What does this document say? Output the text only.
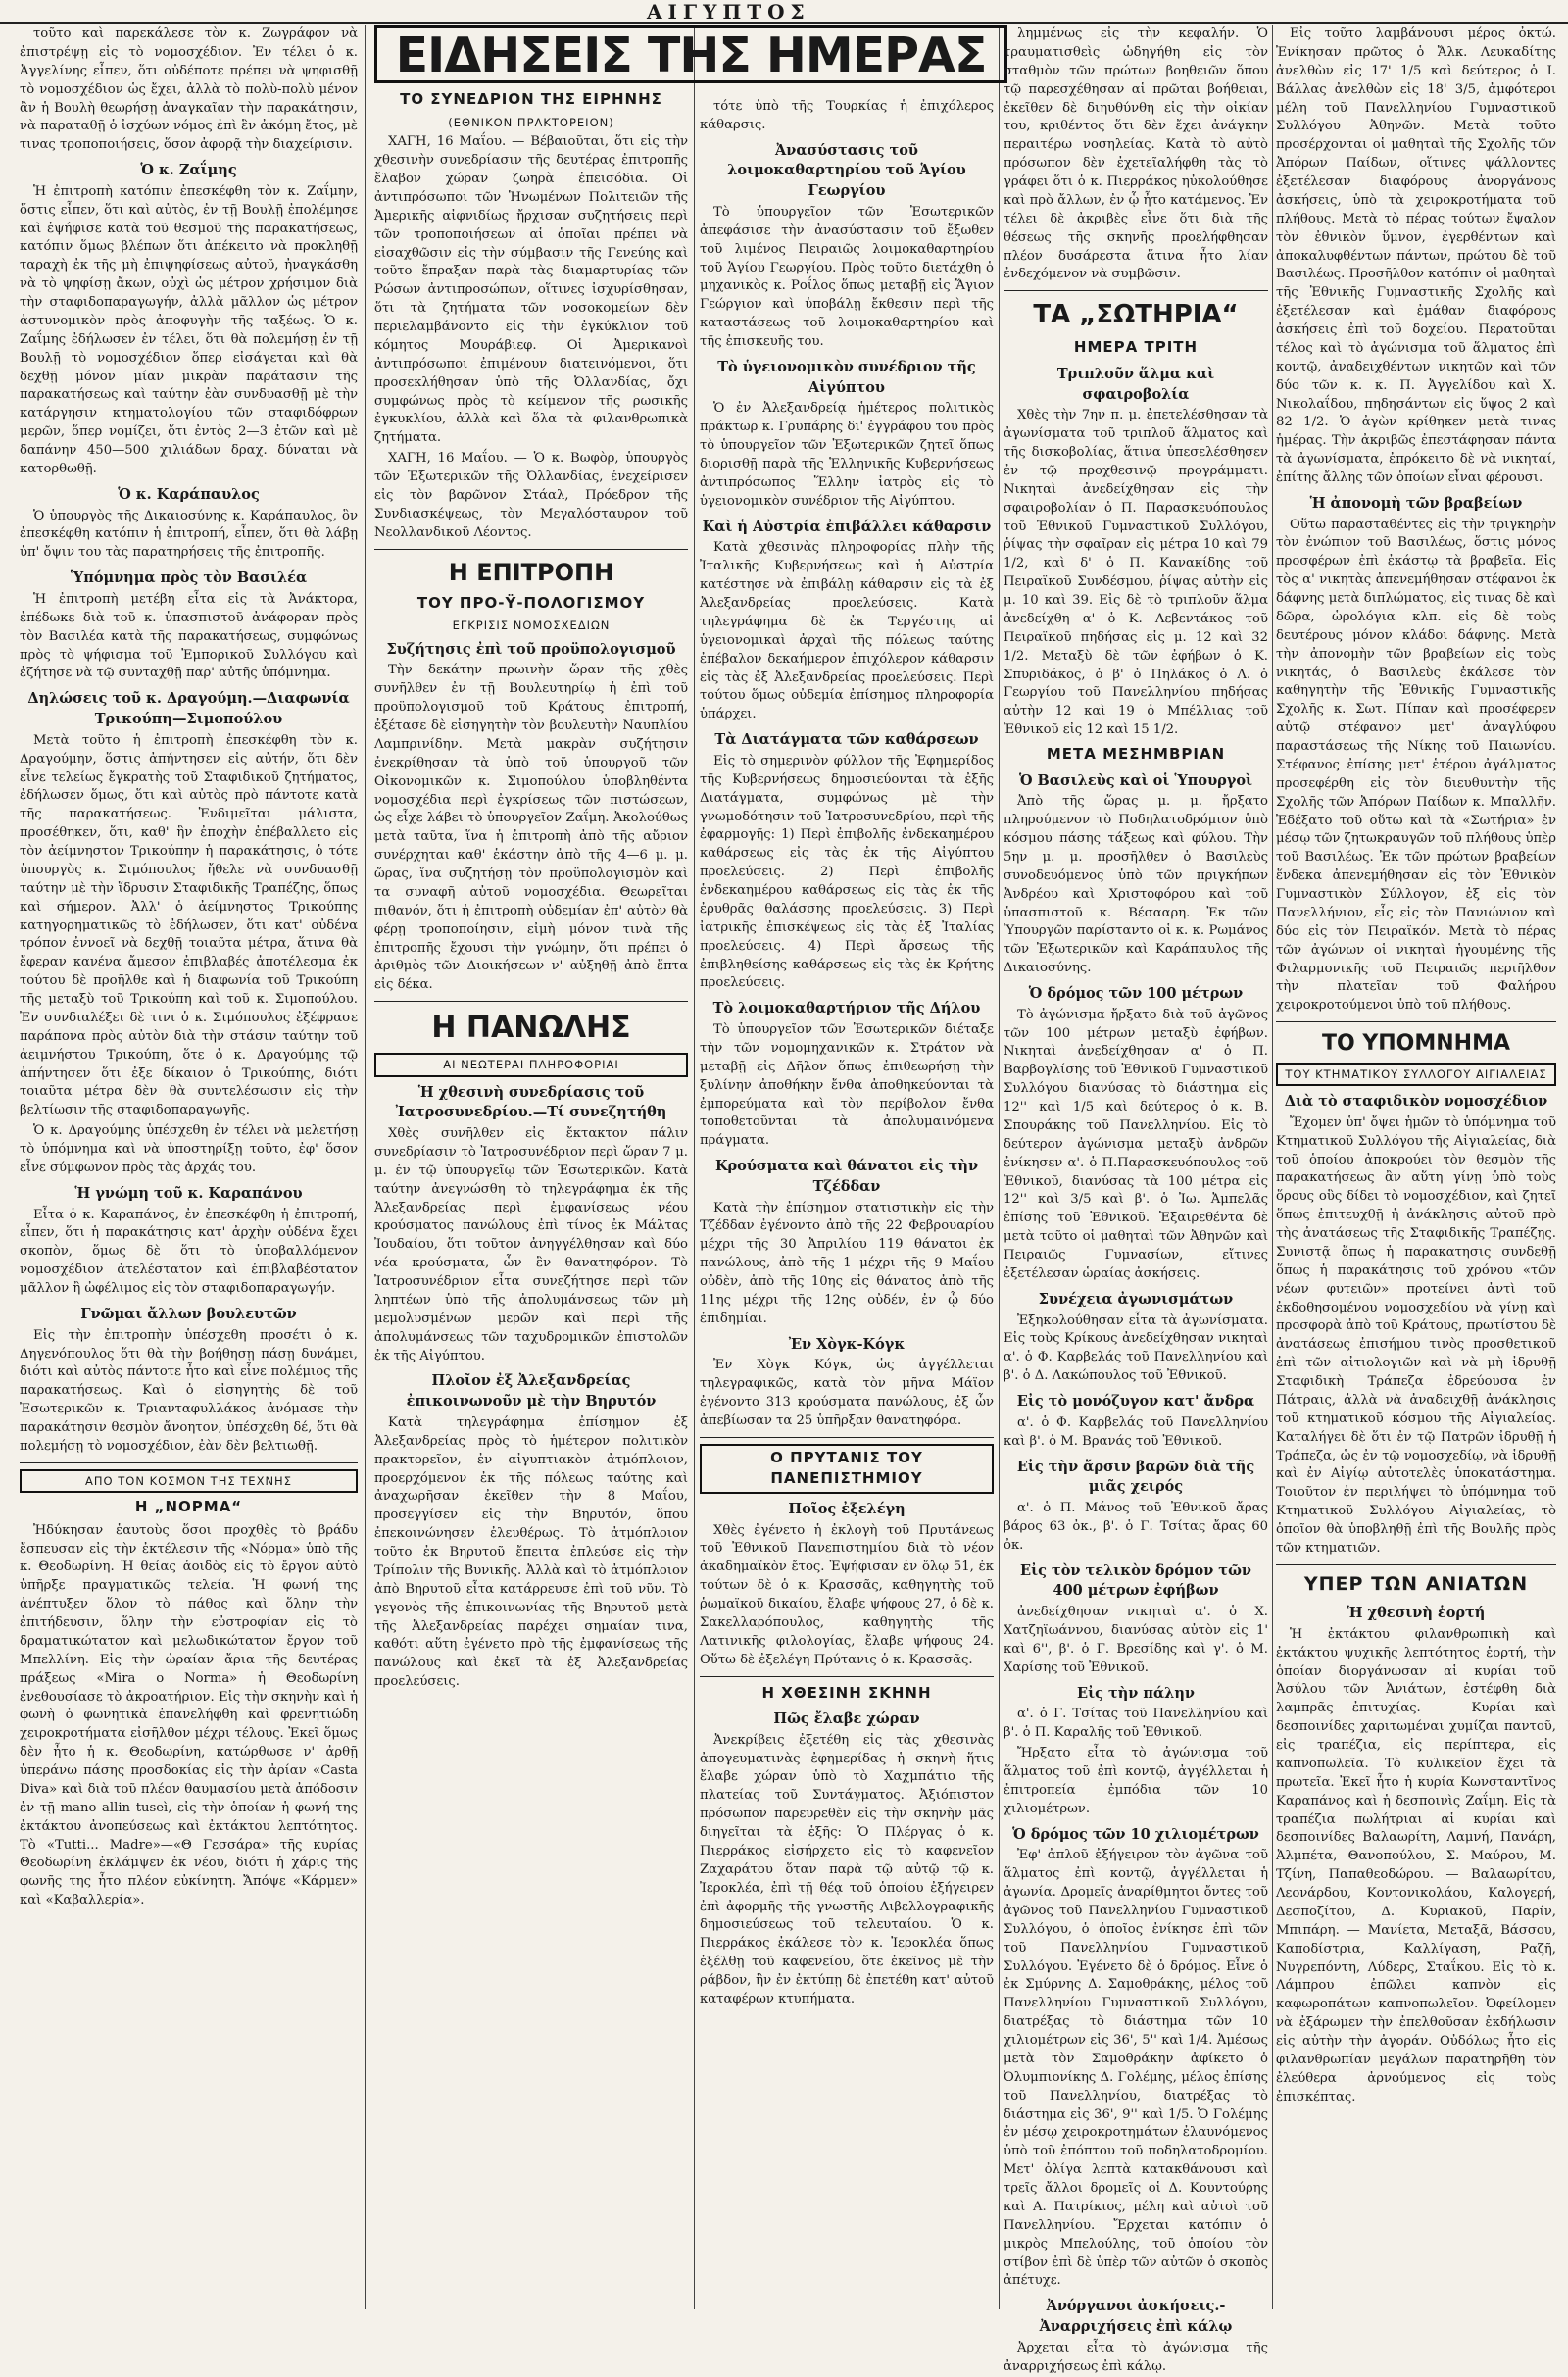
ΑΙΓΥΠΤΟΣ

τοῦτο καὶ παρεκάλεσε τὸν κ. Ζωγράφον νὰ ἐπιστρέψῃ εἰς τὸ νομοσχέδιον. Ἐν τέλει ὁ κ. Ἀγγελίνης εἶπεν, ὅτι οὐδέποτε πρέπει νὰ ψηφισθῇ τὸ νομοσχέδιον ὡς ἔχει, ἀλλὰ τὸ πολὺ-πολὺ μένον ἂν ἡ Βουλὴ θεωρήσῃ ἀναγκαῖαν τὴν παρακάτησιν, νὰ παραταθῇ ὁ ἰσχύων νόμος ἐπὶ ἓν ἀκόμη ἔτος, μὲ τινας τροποποιήσεις, ὅσον ἀφορᾷ τὴν διαχείρισιν.

Ὁ κ. Ζαΐμης

Ἡ ἐπιτροπὴ κατόπιν ἐπεσκέφθη τὸν κ. Ζαΐμην, ὅστις εἶπεν, ὅτι καὶ αὐτὸς, ἐν τῇ Βουλῇ ἐπολέμησε καὶ ἐψήφισε κατὰ τοῦ θεσμοῦ τῆς παρακατήσεως, κατόπιν ὅμως βλέπων ὅτι ἀπέκειτο νὰ προκληθῇ ταραχὴ ἐκ τῆς μὴ ἐπιψηφίσεως αὐτοῦ, ἠναγκάσθη νὰ τὸ ψηφίσῃ ἄκων, οὐχὶ ὡς μέτρον χρήσιμον διὰ τὴν σταφιδοπαραγωγήν, ἀλλὰ μᾶλλον ὡς μέτρον ἀστυνομικὸν πρὸς ἀποφυγὴν τῆς ταξέως. Ὁ κ. Ζαΐμης ἐδήλωσεν ἐν τέλει, ὅτι θὰ πολεμήσῃ ἐν τῇ Βουλῇ τὸ νομοσχέδιον ὅπερ εἰσάγεται καὶ θὰ δεχθῇ μόνον μίαν μικρὰν παράτασιν τῆς παρακατήσεως καὶ ταύτην ἐὰν συνδυασθῇ μὲ τὴν κατάργησιν κτηματολογίου τῶν σταφιδόφρων μερῶν, ὅπερ νομίζει, ὅτι ἐντὸς 2—3 ἐτῶν καὶ μὲ δαπάνην 450—500 χιλιάδων δραχ. δύναται νὰ κατορθωθῇ.

Ὁ κ. Καράπαυλος

Ὁ ὑπουργὸς τῆς Δικαιοσύνης κ. Καράπαυλος, ὃν ἐπεσκέφθη κατόπιν ἡ ἐπιτροπή, εἶπεν, ὅτι θὰ λάβῃ ὑπ' ὄψιν του τὰς παρατηρήσεις τῆς ἐπιτροπῆς.

Ὑπόμνημα πρὸς τὸν Βασιλέα

Ἡ ἐπιτροπὴ μετέβη εἶτα εἰς τὰ Ἀνάκτορα, ἐπέδωκε διὰ τοῦ κ. ὑπασπιστοῦ ἀνάφοραν πρὸς τὸν Βασιλέα κατὰ τῆς παρακατήσεως, συμφώνως πρὸς τὸ ψήφισμα τοῦ Ἐμπορικοῦ Συλλόγου καὶ ἐζήτησε νὰ τῷ συνταχθῇ παρ' αὐτῆς ὑπόμνημα.

Δηλώσεις τοῦ κ. Δραγούμη.—Διαφωνία Τρικούπη—Σιμοπούλου

Μετὰ τοῦτο ἡ ἐπιτροπὴ ἐπεσκέφθη τὸν κ. Δραγούμην, ὅστις ἀπήντησεν εἰς αὐτήν, ὅτι δὲν εἶνε τελείως ἔγκρατὴς τοῦ Σταφιδικοῦ ζητήματος, ἐδήλωσεν ὅμως, ὅτι καὶ αὐτὸς πρὸ πάντοτε κατὰ τῆς παρακατήσεως. Ἐνδιμεῖται μάλιστα, προσέθηκεν, ὅτι, καθ' ἣν ἐποχὴν ἐπέβαλλετο εἰς τὸν ἀείμνηστον Τρικούπην ἡ παρακάτησις, ὁ τότε ὑπουργὸς κ. Σιμόπουλος ἤθελε νὰ συνδυασθῇ ταύτην μὲ τὴν ἵδρυσιν Σταφιδικῆς Τραπέζης, ὅπως καὶ σήμερον. Ἀλλ' ὁ ἀείμνηστος Τρικούπης κατηγορηματικῶς τὸ ἐδήλωσεν, ὅτι κατ' οὐδένα τρόπον ἐννοεῖ νὰ δεχθῇ τοιαῦτα μέτρα, ἅτινα θὰ ἔφεραν κανένα ἄμεσον ἐπιβλαβές ἀποτέλεσμα ἐκ τούτου δὲ προῆλθε καὶ ἡ διαφωνία τοῦ Τρικούπη τῆς μεταξὺ τοῦ Τρικούπη καὶ τοῦ κ. Σιμοπούλου. Ἐν συνδιαλέξει δὲ τινι ὁ κ. Σιμόπουλος ἐξέφρασε παράπονα πρὸς αὐτὸν διὰ τὴν στάσιν ταύτην τοῦ ἀειμνήστου Τρικούπη, ὅτε ὁ κ. Δραγούμης τῷ ἀπήντησεν ὅτι ἐξε δίκαιον ὁ Τρικούπης, διότι τοιαῦτα μέτρα δὲν θὰ συντελέσωσιν εἰς τὴν βελτίωσιν τῆς σταφιδοπαραγωγῆς.

Ὁ κ. Δραγούμης ὑπέσχεθη ἐν τέλει νὰ μελετήσῃ τὸ ὑπόμνημα καὶ νὰ ὑποστηρίξῃ τοῦτο, ἐφ' ὅσον εἶνε σύμφωνον πρὸς τὰς ἀρχάς του.

Ἡ γνώμη τοῦ κ. Καραπάνου

Εἶτα ὁ κ. Καραπάνος, ἐν ἐπεσκέφθη ἡ ἐπιτροπή, εἶπεν, ὅτι ἡ παρακάτησις κατ' ἀρχὴν οὐδένα ἔχει σκοπὸν, ὅμως δὲ ὅτι τὸ ὑποβαλλόμενον νομοσχέδιον ἀτελέστατον καὶ ἐπιβλαβέστατον μᾶλλον ἢ ὠφέλιμος εἰς τὸν σταφιδοπαραγωγήν.

Γνῶμαι ἄλλων βουλευτῶν

Εἰς τὴν ἐπιτροπὴν ὑπέσχεθη προσέτι ὁ κ. Δηγενόπουλος ὅτι θὰ τὴν βοήθησῃ πάσῃ δυνάμει, διότι καὶ αὐτὸς πάντοτε ἦτο καὶ εἶνε πολέμιος τῆς παρακατήσεως. Καὶ ὁ εἰσηγητὴς δὲ τοῦ Ἐσωτερικῶν κ. Τριανταφυλλάκος ἀνόμασε τὴν παρακάτησιν θεσμὸν ἄνοητον, ὑπέσχεθη δέ, ὅτι θὰ πολεμήσῃ τὸ νομοσχέδιον, ἐὰν δὲν βελτιωθῇ.

ΑΠΟ ΤΟΝ ΚΟΣΜΟΝ ΤΗΣ ΤΕΧΝΗΣ
Η „ΝΟΡΜΑ“

Ἠδύκησαν ἑαυτοὺς ὅσοι προχθὲς τὸ βράδυ ἔσπευσαν εἰς τὴν ἐκτέλεσιν τῆς «Νόρμα» ὑπὸ τῆς κ. Θεοδωρίνη. Ἡ θείας ἀοιδὸς εἰς τὸ ἔργον αὐτὸ ὑπῆρξε πραγματικῶς τελεία. Ἡ φωνή της ἀνέπτυξεν ὅλον τὸ πάθος καὶ ὅλην τὴν ἐπιτήδευσιν, ὅλην τὴν εὐστροφίαν εἰς τὸ δραματικώτατον καὶ μελωδικώτατον ἔργον τοῦ Μπελλίνη. Εἰς τὴν ὡραίαν ἄρια τῆς δευτέρας πράξεως «Mira o Norma» ἡ Θεοδωρίνη ἐνεθουσίασε τὸ ἀκροατήριον. Εἰς τὴν σκηνὴν καὶ ἡ φωνὴ ὁ φωνητικὰ ἐπανελήφθη καὶ φρενητιώδη χειροκροτήματα εἰσῆλθον μέχρι τέλους. Ἐκεῖ ὅμως δὲν ἦτο ἡ κ. Θεοδωρίνη, κατώρθωσε ν' ἀρθῇ ὑπεράνω πάσης προσδοκίας εἰς τὴν ἀρίαν «Casta Diva» καὶ διὰ τοῦ πλέον θαυμασίου μετὰ ἀπόδοσιν ἐν τῇ mano allin tuseì, εἰς τὴν ὁποίαν ἡ φωνή της ἐκτάκτου ἀνοπεύσεως καὶ ἐκτάκτου λεπτότητος. Τὸ «Tutti... Madre»—«Θ Γεσσάρα» τῆς κυρίας Θεοδωρίνη ἐκλάμψεν ἐκ νέου, διότι ἡ χάρις τῆς φωνῆς της ἦτο πλέον εὐκίνητη. Ἄπόψε «Κάρμεν» καὶ «Καβαλλερία».

ΕΙΔΗΣΕΙΣ ΤΗΣ ΗΜΕΡΑΣ
ΤΟ ΣΥΝΕΔΡΙΟΝ ΤΗΣ ΕΙΡΗΝΗΣ
(ΕΘΝΙΚΟΝ ΠΡΑΚΤΟΡΕΙΟΝ)

ΧΑΓΗ, 16 Μαΐου. — Βέβαιοῦται, ὅτι εἰς τὴν χθεσινὴν συνεδρίασιν τῆς δευτέρας ἐπιτροπῆς ἔλαβον χώραν ζωηρὰ ἐπεισόδια. Οἱ ἀντιπρόσωποι τῶν Ἡνωμένων Πολιτειῶν τῆς Ἀμερικῆς αἰφνιδίως ἤρχισαν συζητήσεις περὶ τῶν τροποποιήσεων αἱ ὁποῖαι πρέπει νὰ εἰσαχθῶσιν εἰς τὴν σύμβασιν τῆς Γενεύης καὶ τοῦτο ἔπραξαν παρὰ τὰς διαμαρτυρίας τῶν Ρώσων ἀντιπροσώπων, οἵτινες ἰσχυρίσθησαν, ὅτι τὰ ζητήματα τῶν νοσοκομείων δὲν περιελαμβάνοντο εἰς τὴν ἐγκύκλιον τοῦ κόμητος Μουράβιεφ. Οἱ Ἀμερικανοὶ ἀντιπρόσωποι ἐπιμένουν διατεινόμενοι, ὅτι προσεκλήθησαν ὑπὸ τῆς Ὀλλανδίας, ὄχι συμφώνως πρὸς τὸ κείμενον τῆς ρωσικῆς ἐγκυκλίου, ἀλλὰ καὶ ὅλα τὰ φιλανθρωπικὰ ζητήματα.

ΧΑΓΗ, 16 Μαΐου. — Ὁ κ. Βωφὸρ, ὑπουργὸς τῶν Ἐξωτερικῶν τῆς Ὀλλανδίας, ἐνεχείρισεν εἰς τὸν βαρῶνον Στάαλ, Πρόεδρον τῆς Συνδιασκέψεως, τὸν Μεγαλόσταυρον τοῦ Νεολλανδικοῦ Λέοντος.

Η ΕΠΙΤΡΟΠΗ
ΤΟΥ ΠΡΟ-Ϋ-ΠΟΛΟΓΙΣΜΟΥ
ΕΓΚΡΙΣΙΣ ΝΟΜΟΣΧΕΔΙΩΝ
Συζήτησις ἐπὶ τοῦ προϋπολογισμοῦ

Τὴν δεκάτην πρωινὴν ὥραν τῆς χθὲς συνῆλθεν ἐν τῇ Βουλευτηρίῳ ἡ ἐπὶ τοῦ προϋπολογισμοῦ τοῦ Κράτους ἐπιτροπή, ἐξέτασε δὲ εἰσηγητὴν τὸν βουλευτὴν Ναυπλίου Λαμπρινίδην. Μετὰ μακρὰν συζήτησιν ἐνεκρίθησαν τὰ ὑπὸ τοῦ ὑπουργοῦ τῶν Οἰκονομικῶν κ. Σιμοπούλου ὑποβληθέντα νομοσχέδια περὶ ἐγκρίσεως τῶν πιστώσεων, ὡς εἶχε λάβει τὸ ὑπουργεῖον Ζαΐμη. Ἀκολούθως μετὰ ταῦτα, ἵνα ἡ ἐπιτροπὴ ἀπὸ τῆς αὔριον συνέρχηται καθ' ἑκάστην ἀπὸ τῆς 4—6 μ. μ. ὥρας, ἵνα συζητήσῃ τὸν προϋπολογισμὸν καὶ τα συναφῆ αὐτοῦ νομοσχέδια. Θεωρεῖται πιθανόν, ὅτι ἡ ἐπιτροπὴ οὐδεμίαν ἐπ' αὐτὸν θὰ φέρῃ τροποποίησιν, εἰμὴ μόνον τινὰ τῆς ἐπιτροπῆς ἔχουσι τὴν γνώμην, ὅτι πρέπει ὁ ἀριθμὸς τῶν Διοικήσεων ν' αὐξηθῇ ἀπὸ ἕπτα εἰς δέκα.

Η ΠΑΝΩΛΗΣ
ΑΙ ΝΕΩΤΕΡΑΙ ΠΛΗΡΟΦΟΡΙΑΙ
Ἡ χθεσινὴ συνεδρίασις τοῦ Ἰατροσυνεδρίου.—Τί συνεζητήθη

Χθὲς συνῆλθεν εἰς ἔκτακτον πάλιν συνεδρίασιν τὸ Ἰατροσυνέδριον περὶ ὥραν 7 μ. μ. ἐν τῷ ὑπουργεῖῳ τῶν Ἐσωτερικῶν. Κατὰ ταύτην ἀνεγνώσθη τὸ τηλεγράφημα ἐκ τῆς Ἀλεξανδρείας περὶ ἐμφανίσεως νέου κρούσματος πανώλους ἐπὶ τίνος ἐκ Μάλτας Ἰουδαίου, ὅτι τοῦτον ἀνηγγέλθησαν καὶ δύο νέα κρούσματα, ὧν ἓν θανατηφόρον. Τὸ Ἰατροσυνέδριον εἶτα συνεζήτησε περὶ τῶν ληπτέων ὑπὸ τῆς ἀπολυμάνσεως τῶν μὴ μεμολυσμένων μερῶν καὶ περὶ τῆς ἀπολυμάνσεως τῶν ταχυδρομικῶν ἐπιστολῶν ἐκ τῆς Αἰγύπτου.

Πλοῖον ἐξ Ἀλεξανδρείας ἐπικοινωνοῦν μὲ τὴν Βηρυτόν

Κατὰ τηλεγράφημα ἐπίσημον ἐξ Ἀλεξανδρείας πρὸς τὸ ἡμέτερον πολιτικὸν πρακτορεῖον, ἐν αἰγυπτιακὸν ἀτμόπλοιον, προερχόμενον ἐκ τῆς πόλεως ταύτης καὶ ἀναχωρῆσαν ἐκεῖθεν τὴν 8 Μαΐου, προσεγγίσεν εἰς τὴν Βηρυτόν, ὅπου ἐπεκοινώνησεν ἐλευθέρως. Τὸ ἀτμόπλοιον τοῦτο ἐκ Βηρυτοῦ ἔπειτα ἐπλεύσε εἰς τὴν Τρίπολιν τῆς Βυνικῆς. Ἀλλὰ καὶ τὸ ἀτμόπλοιον ἀπὸ Βηρυτοῦ εἶτα κατάρρευσε ἐπὶ τοῦ νῦν. Τὸ γεγονὸς τῆς ἐπικοινωνίας τῆς Βηρυτοῦ μετὰ τῆς Ἀλεξανδρείας παρέχει σημαίαν τινα, καθότι αὕτη ἐγένετο πρὸ τῆς ἐμφανίσεως τῆς πανώλους καὶ ἐκεῖ τὰ ἐξ Ἀλεξανδρείας προελεύσεις.

τότε ὑπὸ τῆς Τουρκίας ἡ ἐπιχόλερος κάθαρσις.

Ἀνασύστασις τοῦ λοιμοκαθαρτηρίου τοῦ Ἁγίου Γεωργίου

Τὸ ὑπουργεῖον τῶν Ἐσωτερικῶν ἀπεφάσισε τὴν ἀνασύστασιν τοῦ ἔξωθεν τοῦ λιμένος Πειραιῶς λοιμοκαθαρτηρίου τοῦ Ἁγίου Γεωργίου. Πρὸς τοῦτο διετάχθη ὁ μηχανικὸς κ. Ροΐλος ὅπως μεταβῇ εἰς Ἅγιον Γεώργιον καὶ ὑποβάλῃ ἔκθεσιν περὶ τῆς καταστάσεως τοῦ λοιμοκαθαρτηρίου καὶ τῆς ἐπισκευῆς του.

Τὸ ὑγειονομικὸν συνέδριον τῆς Αἰγύπτου

Ὁ ἐν Ἀλεξανδρείᾳ ἡμέτερος πολιτικὸς πράκτωρ κ. Γρυπάρης δι' ἐγγράφου του πρὸς τὸ ὑπουργεῖον τῶν Ἐξωτερικῶν ζητεῖ ὅπως διορισθῇ παρὰ τῆς Ἑλληνικῆς Κυβερνήσεως ἀντιπρόσωπος Ἕλλην ἰατρὸς εἰς τὸ ὑγειονομικὸν συνέδριον τῆς Αἰγύπτου.

Καὶ ἡ Αὐστρία ἐπιβάλλει κάθαρσιν

Κατὰ χθεσινὰς πληροφορίας πλὴν τῆς Ἰταλικῆς Κυβερνήσεως καὶ ἡ Αὐστρία κατέστησε νὰ ἐπιβάλῃ κάθαρσιν εἰς τὰ ἐξ Ἀλεξανδρείας προελεύσεις. Κατὰ τηλεγράφημα δὲ ἐκ Τεργέστης αἱ ὑγειονομικαὶ ἀρχαὶ τῆς πόλεως ταύτης ἐπέβαλον δεκαήμερον ἐπιχόλερον κάθαρσιν εἰς τὰς ἐξ Ἀλεξανδρείας προελεύσεις. Περὶ τούτου ὅμως οὐδεμία ἐπίσημος πληροφορία ὑπάρχει.

Τὰ Διατάγματα τῶν καθάρσεων

Εἰς τὸ σημερινὸν φύλλον τῆς Ἐφημερίδος τῆς Κυβερνήσεως δημοσιεύονται τὰ ἐξῆς Διατάγματα, συμφώνως μὲ τὴν γνωμοδότησιν τοῦ Ἰατροσυνεδρίου, περὶ τῆς ἐφαρμογῆς: 1) Περὶ ἐπιβολῆς ἑνδεκαημέρου καθάρσεως εἰς τὰς ἐκ τῆς Αἰγύπτου προελεύσεις. 2) Περὶ ἐπιβολῆς ἑνδεκαημέρου καθάρσεως εἰς τὰς ἐκ τῆς ἐρυθρᾶς θαλάσσης προελεύσεις. 3) Περὶ ἰατρικῆς ἐπισκέψεως εἰς τὰς ἐξ Ἰταλίας προελεύσεις. 4) Περὶ ἄρσεως τῆς ἐπιβληθείσης καθάρσεως εἰς τὰς ἐκ Κρήτης προελεύσεις.

Τὸ λοιμοκαθαρτήριον τῆς Δήλου

Τὸ ὑπουργεῖον τῶν Ἐσωτερικῶν διέταξε τὴν τῶν νομομηχανικῶν κ. Στράτον νὰ μεταβῇ εἰς Δῆλον ὅπως ἐπιθεωρήσῃ τὴν ξυλίνην ἀποθήκην ἔνθα ἀποθηκεύονται τὰ ἐμπορεύματα καὶ τὸν περίβολον ἔνθα τοποθετοῦνται τὰ ἀπολυμαινόμενα πράγματα.

Κρούσματα καὶ θάνατοι εἰς τὴν Τζέδδαν

Κατὰ τὴν ἐπίσημον στατιστικὴν εἰς τὴν Τζέδδαν ἐγένοντο ἀπὸ τῆς 22 Φεβρουαρίου μέχρι τῆς 30 Ἀπριλίου 119 θάνατοι ἐκ πανώλους, ἀπὸ τῆς 1 μέχρι τῆς 9 Μαΐου οὐδὲν, ἀπὸ τῆς 10ης εἰς θάνατος ἀπὸ τῆς 11ης μέχρι τῆς 12ης οὐδέν, ἐν ᾧ δύο ἐπιδημίαι.

Ἐν Χὸγκ-Κόγκ

Ἐν Χὸγκ Κόγκ, ὡς ἀγγέλλεται τηλεγραφικῶς, κατὰ τὸν μῆνα Μάϊον ἐγένοντο 313 κρούσματα πανώλους, ἐξ ὧν ἀπεβίωσαν τα 25 ὑπῆρξαν θανατηφόρα.

Ο ΠΡΥΤΑΝΙΣ ΤΟΥ ΠΑΝΕΠΙΣΤΗΜΙΟΥ
Ποῖος ἐξελέγη

Χθὲς ἐγένετο ἡ ἐκλογὴ τοῦ Πρυτάνεως τοῦ Ἐθνικοῦ Πανεπιστημίου διὰ τὸ νέον ἀκαδημαϊκὸν ἔτος. Ἐψήφισαν ἐν ὅλῳ 51, ἐκ τούτων δὲ ὁ κ. Κρασσᾶς, καθηγητὴς τοῦ ῥωμαϊκοῦ δικαίου, ἔλαβε ψήφους 27, ὁ δὲ κ. Σακελλαρόπουλος, καθηγητὴς τῆς Λατινικῆς φιλολογίας, ἔλαβε ψήφους 24. Οὕτω δὲ ἐξελέγη Πρύτανις ὁ κ. Κρασσᾶς.

Η ΧΘΕΣΙΝΗ ΣΚΗΝΗ
Πῶς ἔλαβε χώραν

Ἀνεκρίβεις ἐξετέθη εἰς τὰς χθεσινὰς ἀπογευματινὰς ἐφημερίδας ἡ σκηνὴ ἥτις ἔλαβε χώραν ὑπὸ τὸ Χαχμπάτιο τῆς πλατείας τοῦ Συντάγματος. Ἀξιόπιστον πρόσωπον παρευρεθὲν εἰς τὴν σκηνὴν μᾶς διηγεῖται τὰ ἑξῆς: Ὁ Πλέργας ὁ κ. Πιερράκος εἰσήρχετο εἰς τὸ καφενεῖον Ζαχαράτου ὅταν παρὰ τῷ αὐτῷ τῷ κ. Ἰεροκλέα, ἐπὶ τῇ θέᾳ τοῦ ὁποίου ἐξήγειρεν ἐπὶ ἀφορμῆς τῆς γνωστῆς Λιβελλογραφικῆς δημοσιεύσεως τοῦ τελευταίου. Ὁ κ. Πιερράκος ἐκάλεσε τὸν κ. Ἰεροκλέα ὅπως ἐξέλθῃ τοῦ καφενείου, ὅτε ἐκεῖνος μὲ τὴν ράβδον, ἣν ἐν ἐκτύπῃ δὲ ἐπετέθη κατ' αὐτοῦ καταφέρων κτυπήματα.

λημμένως εἰς τὴν κεφαλήν. Ὁ τραυματισθεὶς ὡδηγήθη εἰς τὸν σταθμὸν τῶν πρώτων βοηθειῶν ὅπου τῷ παρεσχέθησαν αἱ πρῶται βοήθειαι, ἐκεῖθεν δὲ διηυθύνθη εἰς τὴν οἰκίαν του, κριθέντος ὅτι δὲν ἔχει ἀνάγκην περαιτέρω νοσηλείας. Κατὰ τὸ αὐτὸ πρόσωπον δὲν ἐχετεῖαλήφθη τὰς τὸ γράφει ὅτι ὁ κ. Πιερράκος ηὐκολούθησε καὶ πρὸ ἄλλων, ἐν ᾧ ἦτο κατάμενος. Ἐν τέλει δὲ ἀκριβὲς εἶνε ὅτι διὰ τῆς θέσεως τῆς σκηνῆς προελήφθησαν πλέον δυσάρεστα ἅτινα ἦτο λίαν ἐνδεχόμενον νὰ συμβῶσιν.

ΤΑ „ΣΩΤΗΡΙΑ“
ΗΜΕΡΑ ΤΡΙΤΗ
Τριπλοῦν ἅλμα καὶ σφαιροβολία

Χθὲς τὴν 7ην π. μ. ἐπετελέσθησαν τὰ ἀγωνίσματα τοῦ τριπλοῦ ἅλματος καὶ τῆς δισκοβολίας, ἅτινα ὑπεσελέσθησεν ἐν τῷ προχθεσινῷ προγράμματι. Νικηταὶ ἀνεδείχθησαν εἰς τὴν σφαιροβολίαν ὁ Π. Παρασκευόπουλος τοῦ Ἐθνικοῦ Γυμναστικοῦ Συλλόγου, ῥίψας τὴν σφαῖραν εἰς μέτρα 10 καὶ 79 1/2, καὶ δ' ὁ Π. Κανακίδης τοῦ Πειραϊκοῦ Συνδέσμου, ῥίψας αὐτὴν εἰς μ. 10 καὶ 39. Εἰς δὲ τὸ τριπλοῦν ἅλμα ἀνεδείχθη α' ὁ Κ. Λεβεντάκος τοῦ Πειραϊκοῦ πηδήσας εἰς μ. 12 καὶ 32 1/2. Μεταξὺ δὲ τῶν ἐφήβων ὁ Κ. Σπυριδάκος, ὁ β' ὁ Πηλάκος ὁ Λ. ὁ Γεωργίου τοῦ Πανελληνίου πηδήσας αὐτὴν 12 καὶ 19 ὁ Μπέλλιας τοῦ Ἐθνικοῦ εἰς 12 καὶ 15 1/2.

ΜΕΤΑ ΜΕΣΗΜΒΡΙΑΝ
Ὁ Βασιλεὺς καὶ οἱ Ὑπουργοὶ

Ἀπὸ τῆς ὥρας μ. μ. ἤρξατο πληρούμενον τὸ Ποδηλατοδρόμιον ὑπὸ κόσμου πάσης τάξεως καὶ φύλου. Τὴν 5ην μ. μ. προσῆλθεν ὁ Βασιλεὺς συνοδευόμενος ὑπὸ τῶν πριγκήπων Ἀνδρέου καὶ Χριστοφόρου καὶ τοῦ ὑπασπιστοῦ κ. Βέσααρη. Ἐκ τῶν Ὑπουργῶν παρίσταντο οἱ κ. κ. Ρωμάνος τῶν Ἐξωτερικῶν καὶ Καράπαυλος τῆς Δικαιοσύνης.

Ὁ δρόμος τῶν 100 μέτρων

Τὸ ἀγώνισμα ἤρξατο διὰ τοῦ ἀγῶνος τῶν 100 μέτρων μεταξὺ ἐφήβων. Νικηταὶ ἀνεδείχθησαν α' ὁ Π. Βαρβογλίσης τοῦ Ἐθνικοῦ Γυμναστικοῦ Συλλόγου διανύσας τὸ διάστημα εἰς 12'' καὶ 1/5 καὶ δεύτερος ὁ κ. Β. Σπουράκης τοῦ Πανελληνίου. Εἰς τὸ δεύτερον ἀγώνισμα μεταξὺ ἀνδρῶν ἐνίκησεν α'. ὁ Π.Παρασκευόπουλος τοῦ Ἐθνικοῦ, διανύσας τὰ 100 μέτρα εἰς 12'' καὶ 3/5 καὶ β'. ὁ Ἰω. Ἀμπελᾶς ἐπίσης τοῦ Ἐθνικοῦ. Ἐξαιρεθέντα δὲ μετὰ τοῦτο οἱ μαθηταὶ τῶν Ἀθηνῶν καὶ Πειραιῶς Γυμνασίων, εἴτινες ἐξετέλεσαν ὡραίας ἀσκήσεις.

Συνέχεια ἀγωνισμάτων

Ἐξηκολούθησαν εἶτα τὰ ἀγωνίσματα. Εἰς τοὺς Κρίκους ἀνεδείχθησαν νικηταὶ α'. ὁ Φ. Καρβελάς τοῦ Πανελληνίου καὶ β'. ὁ Δ. Λακώπουλος τοῦ Ἐθνικοῦ.

Εἰς τὸ μονόζυγον κατ' ἄνδρα

α'. ὁ Φ. Καρβελάς τοῦ Πανελληνίου καὶ β'. ὁ Μ. Βρανάς τοῦ Ἐθνικοῦ.

Εἰς τὴν ἄρσιν βαρῶν διὰ τῆς μιᾶς χειρός

α'. ὁ Π. Μάνος τοῦ Ἐθνικοῦ ἄρας βάρος 63 ὀκ., β'. ὁ Γ. Τσίτας ἄρας 60 ὀκ.

Εἰς τὸν τελικὸν δρόμον τῶν 400 μέτρων ἐφήβων

ἀνεδείχθησαν νικηταὶ α'. ὁ Χ. Χατζηϊωάννου, διανύσας αὐτὸν εἰς 1' καὶ 6'', β'. ὁ Γ. Βρεσίδης καὶ γ'. ὁ Μ. Χαρίσης τοῦ Ἐθνικοῦ.

Εἰς τὴν πάλην

α'. ὁ Γ. Τσίτας τοῦ Πανελληνίου καὶ β'. ὁ Π. Καραλῆς τοῦ Ἐθνικοῦ.

Ἤρξατο εἶτα τὸ ἀγώνισμα τοῦ ἅλματος τοῦ ἐπὶ κοντῷ, ἀγγέλλεται ἡ ἐπιτροπεία ἐμπόδια τῶν 10 χιλιομέτρων.

Ὁ δρόμος τῶν 10 χιλιομέτρων

Ἐφ' ἀπλοῦ ἐξήγειρον τὸν ἀγῶνα τοῦ ἅλματος ἐπὶ κοντῷ, ἀγγέλλεται ἡ ἀγωνία. Δρομεῖς ἀναρίθμητοι ὄντες τοῦ ἀγῶνος τοῦ Πανελληνίου Γυμναστικοῦ Συλλόγου, ὁ ὁποῖος ἐνίκησε ἐπὶ τῶν τοῦ Πανελληνίου Γυμναστικοῦ Συλλόγου. Ἐγένετο δὲ ὁ δρόμος. Εἶνε ὁ ἐκ Σμύρνης Δ. Σαμοθράκης, μέλος τοῦ Πανελληνίου Γυμναστικοῦ Συλλόγου, διατρέξας τὸ διάστημα τῶν 10 χιλιομέτρων εἰς 36', 5'' καὶ 1/4. Ἀμέσως μετὰ τὸν Σαμοθράκην ἀφίκετο ὁ Ὀλυμπιονίκης Δ. Γολέμης, μέλος ἐπίσης τοῦ Πανελληνίου, διατρέξας τὸ διάστημα εἰς 36', 9'' καὶ 1/5. Ὁ Γολέμης ἐν μέσῳ χειροκροτημάτων ἐλαυνόμενος ὑπὸ τοῦ ἐπόπτου τοῦ ποδηλατοδρομίου. Μετ' ὀλίγα λεπτὰ κατακθάνουσι καὶ τρεῖς ἄλλοι δρομεῖς οἱ Δ. Κουντούρης καὶ Α. Πατρίκιος, μέλη καὶ αὐτοὶ τοῦ Πανελληνίου. Ἔρχεται κατόπιν ὁ μικρὸς Μπελούλης, τοῦ ὁποίου τὸν στίβον ἐπὶ δὲ ὑπὲρ τῶν αὐτῶν ὁ σκοπὸς ἀπέτυχε.

Ἀνόργανοι ἀσκήσεις.-Ἀναρριχήσεις ἐπὶ κάλῳ

Ἀρχεται εἶτα τὸ ἀγώνισμα τῆς ἀναρριχήσεως ἐπὶ κάλῳ.

Εἰς τοῦτο λαμβάνουσι μέρος ὀκτώ. Ἐνίκησαν πρῶτος ὁ Ἄλκ. Λευκαδίτης ἀνελθὼν εἰς 17' 1/5 καὶ δεύτερος ὁ Ι. Βάλλας ἀνελθὼν εἰς 18' 3/5, ἀμφότεροι μέλη τοῦ Πανελληνίου Γυμναστικοῦ Συλλόγου Ἀθηνῶν. Μετὰ τοῦτο προσέρχονται οἱ μαθηταὶ τῆς Σχολῆς τῶν Ἀπόρων Παίδων, οἵτινες ψάλλοντες ἐξετέλεσαν διαφόρους ἀνοργάνους ἀσκήσεις, ὑπὸ τὰ χειροκροτήματα τοῦ πλήθους. Μετὰ τὸ πέρας τούτων ἔψαλον τὸν ἐθνικὸν ὕμνον, ἐγερθέντων καὶ ἀποκαλυφθέντων πάντων, πρώτου δὲ τοῦ Βασιλέως. Προσῆλθον κατόπιν οἱ μαθηταὶ τῆς Ἐθνικῆς Γυμναστικῆς Σχολῆς καὶ ἐξετέλεσαν καὶ ἐμάθαν διαφόρους ἀσκήσεις ἐπὶ τοῦ δοχείου. Περατοῦται τέλος καὶ τὸ ἀγώνισμα τοῦ ἅλματος ἐπὶ κοντῷ, ἀναδειχθέντων νικητῶν καὶ τῶν δύο τῶν κ. κ. Π. Ἀγγελίδου καὶ Χ. Νικολαΐδου, πηδησάντων εἰς ὕψος 2 καὶ 82 1/2. Ὁ ἀγὼν κρίθηκεν μετὰ τινας ἡμέρας. Τὴν ἀκριβῶς ἐπεστάφησαν πάντα τὰ ἀγωνίσματα, ἐπρόκειτο δὲ νὰ νικηταί, ἐπίτης ἄλλης τῶν ὁποίων εἶναι φέρουσι.

Ἡ ἀπονομὴ τῶν βραβείων

Οὕτω παρασταθέντες εἰς τὴν τριγκηρὴν τὸν ἐνώπιον τοῦ Βασιλέως, ὅστις μόνος προσφέρων ἐπὶ ἐκάστῳ τὰ βραβεῖα. Εἰς τὸς α' νικητὰς ἀπενεμήθησαν στέφανοι ἐκ δάφνης μετὰ διπλώματος, εἰς τινας δὲ καὶ δῶρα, ὡρολόγια κλπ. εἰς δὲ τοὺς δευτέρους μόνον κλάδοι δάφνης. Μετὰ τὴν ἀπονομὴν τῶν βραβείων εἰς τοὺς νικητάς, ὁ Βασιλεὺς ἐκάλεσε τὸν καθηγητὴν τῆς Ἐθνικῆς Γυμναστικῆς Σχολῆς κ. Σωτ. Πίπαν καὶ προσέφερεν αὐτῷ στέφανον μετ' ἀναγλύφου παραστάσεως τῆς Νίκης τοῦ Παιωνίου. Στέφανος ἐπίσης μετ' ἑτέρου ἀγάλματος προσεφέρθη εἰς τὸν διευθυντὴν τῆς Σχολῆς τῶν Ἀπόρων Παίδων κ. Μπαλλῆν. Ἐδέξατο τοῦ οὕτω καὶ τὰ «Σωτήρια» ἐν μέσῳ τῶν ζητωκραυγῶν τοῦ πλήθους ὑπὲρ τοῦ Βασιλέως. Ἐκ τῶν πρώτων βραβείων ἕνδεκα ἀπενεμήθησαν εἰς τὸν Ἐθνικὸν Γυμναστικὸν Σύλλογον, ἐξ εἰς τὸν Πανελλήνιον, εἷς εἰς τὸν Πανιώνιον καὶ δύο εἰς τὸν Πειραϊκόν. Μετὰ τὸ πέρας τῶν ἀγώνων οἱ νικηταὶ ἡγουμένης τῆς Φιλαρμονικῆς τοῦ Πειραιῶς περιῆλθον τὴν πλατεῖαν τοῦ Φαλήρου χειροκροτούμενοι ὑπὸ τοῦ πλήθους.

ΤΟ ΥΠΟΜΝΗΜΑ
ΤΟΥ ΚΤΗΜΑΤΙΚΟΥ ΣΥΛΛΟΓΟΥ ΑΙΓΙΑΛΕΙΑΣ
Διὰ τὸ σταφιδικὸν νομοσχέδιον

Ἔχομεν ὑπ' ὄψει ἡμῶν τὸ ὑπόμνημα τοῦ Κτηματικοῦ Συλλόγου τῆς Αἰγιαλείας, διὰ τοῦ ὁποίου ἀποκρούει τὸν θεσμὸν τῆς παρακατήσεως ἂν αὕτη γίνῃ ὑπὸ τοὺς ὅρους οὓς δίδει τὸ νομοσχέδιον, καὶ ζητεῖ ὅπως ἐπιτευχθῇ ἡ ἀνάκλησις αὐτοῦ πρὸ τὴς ἀνατάσεως τῆς Σταφιδικῆς Τραπέζης. Συνιστᾷ ὅπως ἡ παρακατησις συνδεθῇ ὅπως ἡ παρακάτησις τοῦ χρόνου «τῶν νέων φυτειῶν» προτείνει ἀντὶ τοῦ ἐκδοθησομένου νομοσχεδίου νὰ γίνῃ καὶ προσφορὰ ἀπὸ τοῦ Κράτους, πρωτίστου δὲ ἀνατάσεως ἐπισήμου τινὸς προσθετικοῦ ἐπὶ τῶν αἰτιολογιῶν καὶ νὰ μὴ ἰδρυθῇ Σταφιδικὴ Τράπεζα ἐδρεύουσα ἐν Πάτραις, ἀλλὰ νὰ ἀναδειχθῇ ἀνάκλησις τοῦ κτηματικοῦ κόσμου τῆς Αἰγιαλείας. Καταλήγει δὲ ὅτι ἐν τῷ Πατρῶν ἰδρυθῇ ἡ Τράπεζα, ὡς ἐν τῷ νομοσχεδίῳ, νὰ ἱδρυθῇ καὶ ἐν Αἰγίῳ αὐτοτελὲς ὑποκατάστημα. Τοιοῦτον ἐν περιλήψει τὸ ὑπόμνημα τοῦ Κτηματικοῦ Συλλόγου Αἰγιαλείας, τὸ ὁποῖον θὰ ὑποβληθῇ ἐπὶ τῆς Βουλῆς πρὸς τῶν κτηματιῶν.

ΥΠΕΡ ΤΩΝ ΑΝΙΑΤΩΝ
Ἡ χθεσινὴ ἑορτή

Ἡ ἐκτάκτου φιλανθρωπικὴ καὶ ἐκτάκτου ψυχικῆς λεπτότητος ἑορτή, τὴν ὁποίαν διοργάνωσαν αἱ κυρίαι τοῦ Ἀσύλου τῶν Ἀνιάτων, ἐστέφθη διὰ λαμπρᾶς ἐπιτυχίας. — Κυρίαι καὶ δεσποινίδες χαριτωμέναι χυμίζαι παντοῦ, εἰς τραπέζια, εἰς περίπτερα, εἰς καπνοπωλεῖα. Τὸ κυλικεῖον ἔχει τὰ πρωτεῖα. Ἐκεῖ ἦτο ἡ κυρία Κωνσταντῖνος Καραπάνος καὶ ἡ δεσποινὶς Ζαΐμη. Εἰς τὰ τραπέζια πωλήτριαι αἱ κυρίαι καὶ δεσποινίδες Βαλαωρίτη, Λαμνή, Πανάρη, Ἀλμπέτα, Θανοπούλου, Σ. Μαύρου, Μ. Τζίνη, Παπαθεοδώρου. — Βαλαωρίτου, Λεονάρδου, Κοντονικολάου, Καλογερή, Δεσποζίτου, Δ. Κυριακοῦ, Παρίν, Μπιπάρη. — Μανίετα, Μεταξᾶ, Βάσσου, Καποδίστρια, Καλλίγαση, Ραζῆ, Νυγρεπόντη, Λύδερς, Σταΐκου. Εἰς τὸ κ. Λάμπρου ἐπῶλει καπνὸν εἰς καφωροπάτων καπνοπωλεῖον. Ὀφείλομεν νὰ ἐξάρωμεν τὴν ἐπελθοῦσαν ἐκδήλωσιν εἰς αὐτὴν τὴν ἀγοράν. Οὐδόλως ἦτο εἰς φιλανθρωπίαν μεγάλων παρατηρῆθη τὸν ἐλεύθερα ἀρνούμενος εἰς τοὺς ἐπισκέπτας.
